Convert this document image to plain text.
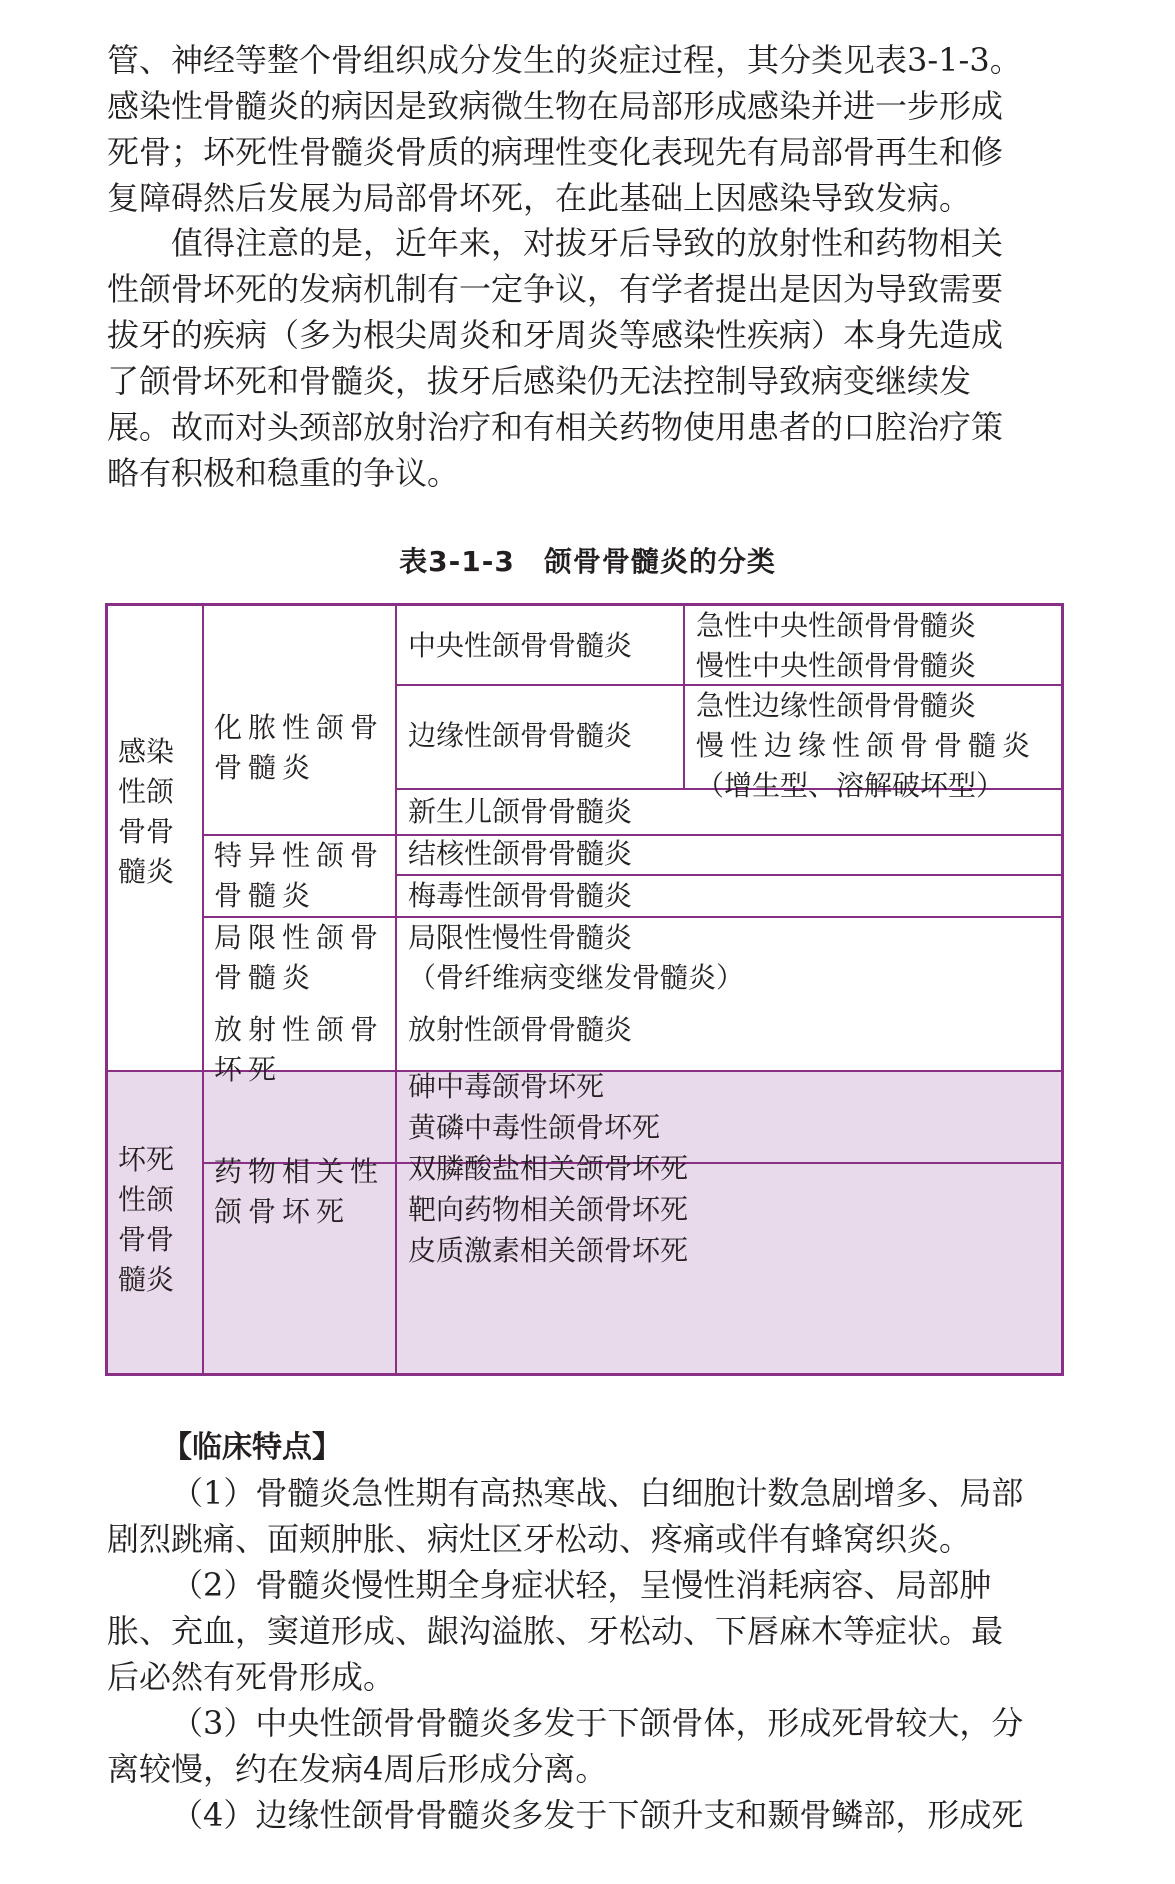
管、神经等整个骨组织成分发生的炎症过程，其分类见表3-1-3。
感染性骨髓炎的病因是致病微生物在局部形成感染并进一步形成
死骨；坏死性骨髓炎骨质的病理性变化表现先有局部骨再生和修
复障碍然后发展为局部骨坏死，在此基础上因感染导致发病。
值得注意的是，近年来，对拔牙后导致的放射性和药物相关
性颌骨坏死的发病机制有一定争议，有学者提出是因为导致需要
拔牙的疾病（多为根尖周炎和牙周炎等感染性疾病）本身先造成
了颌骨坏死和骨髓炎，拔牙后感染仍无法控制导致病变继续发
展。故而对头颈部放射治疗和有相关药物使用患者的口腔治疗策
略有积极和稳重的争议。
表3-1-3　颌骨骨髓炎的分类
感染
性颌
骨骨
髓炎
坏死
性颌
骨骨
髓炎
化脓性颌骨
骨髓炎
特异性颌骨
骨髓炎
局限性颌骨
骨髓炎
放射性颌骨
坏死
药物相关性
颌骨坏死
中央性颌骨骨髓炎
边缘性颌骨骨髓炎
新生儿颌骨骨髓炎
结核性颌骨骨髓炎
梅毒性颌骨骨髓炎
局限性慢性骨髓炎
（骨纤维病变继发骨髓炎）
放射性颌骨骨髓炎
砷中毒颌骨坏死
黄磷中毒性颌骨坏死
双膦酸盐相关颌骨坏死
靶向药物相关颌骨坏死
皮质激素相关颌骨坏死
急性中央性颌骨骨髓炎
慢性中央性颌骨骨髓炎
急性边缘性颌骨骨髓炎
慢性边缘性颌骨骨髓炎
（增生型、溶解破坏型）
【临床特点】
（1）骨髓炎急性期有高热寒战、白细胞计数急剧增多、局部
剧烈跳痛、面颊肿胀、病灶区牙松动、疼痛或伴有蜂窝织炎。
（2）骨髓炎慢性期全身症状轻，呈慢性消耗病容、局部肿
胀、充血，窦道形成、龈沟溢脓、牙松动、下唇麻木等症状。最
后必然有死骨形成。
（3）中央性颌骨骨髓炎多发于下颌骨体，形成死骨较大，分
离较慢，约在发病4周后形成分离。
（4）边缘性颌骨骨髓炎多发于下颌升支和颞骨鳞部，形成死
